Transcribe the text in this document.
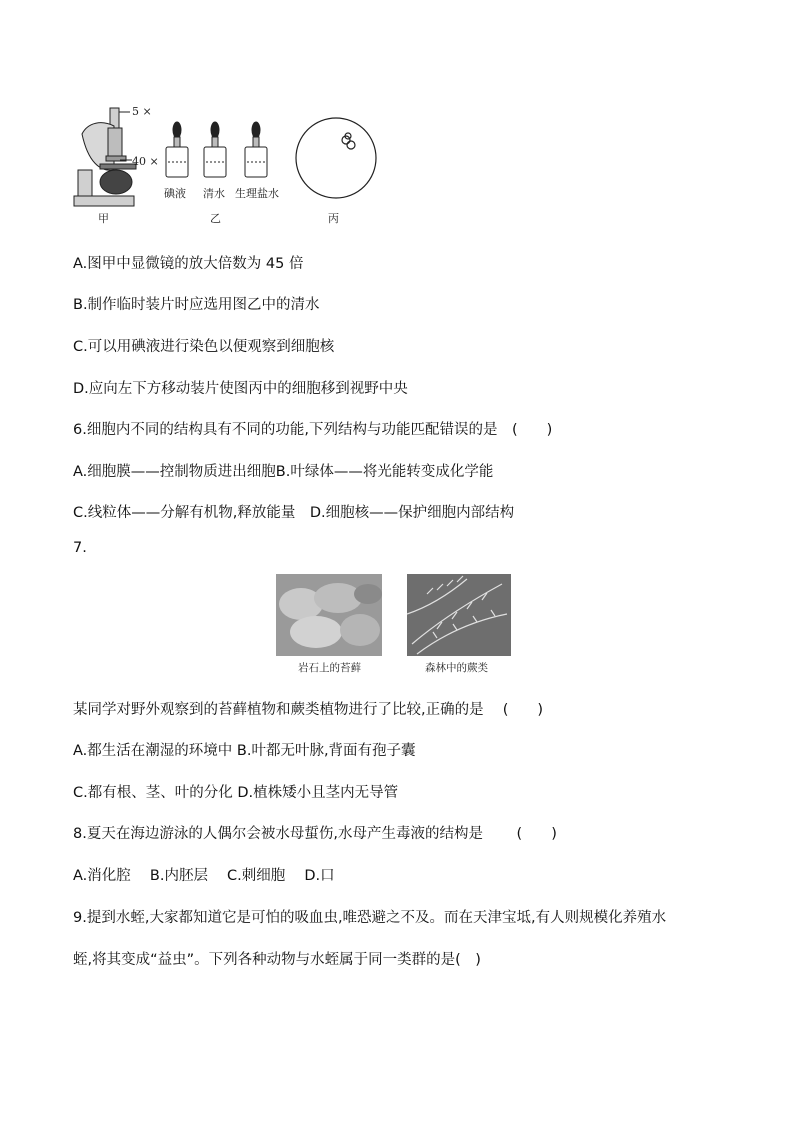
5 ×
40 ×
碘液 清水 生理盐水
甲	乙	丙
A.图甲中显微镜的放大倍数为 45 倍
B.制作临时装片时应选用图乙中的清水
C.可以用碘液进行染色以便观察到细胞核
D.应向左下方移动装片使图丙中的细胞移到视野中央
6.细胞内不同的结构具有不同的功能,下列结构与功能匹配错误的是　(　　)
A.细胞膜——控制物质进出细胞B.叶绿体——将光能转变成化学能
C.线粒体——分解有机物,释放能量　D.细胞核——保护细胞内部结构
7.
岩石上的苔藓	森林中的蕨类
某同学对野外观察到的苔藓植物和蕨类植物进行了比较,正确的是　 (　　)
A.都生活在潮湿的环境中 B.叶都无叶脉,背面有孢子囊
C.都有根、茎、叶的分化 D.植株矮小且茎内无导管
8.夏天在海边游泳的人偶尔会被水母蜇伤,水母产生毒液的结构是　 　(　　)
A.消化腔　 B.内胚层　 C.刺细胞　 D.口
9.提到水蛭,大家都知道它是可怕的吸血虫,唯恐避之不及。而在天津宝坻,有人则规模化养殖水
蛭,将其变成“益虫”。下列各种动物与水蛭属于同一类群的是(　)
